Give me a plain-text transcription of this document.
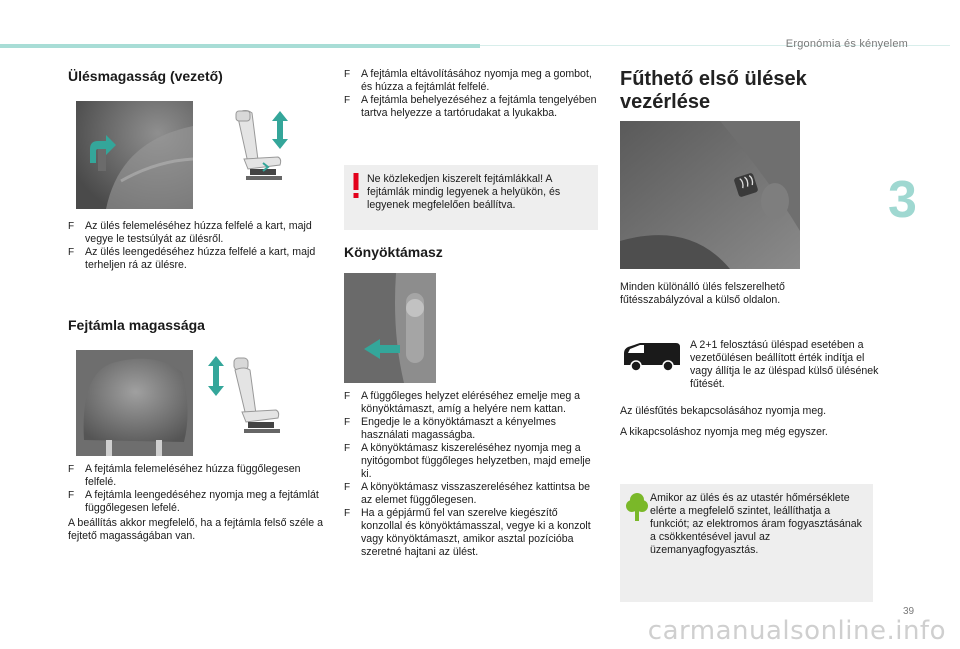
Ergonómia és kényelem
3
Ülésmagasság (vezető)
F Az ülés felemeléséhez húzza felfelé a kart, majd vegye le testsúlyát az ülésről.
F Az ülés leengedéséhez húzza felfelé a kart, majd terheljen rá az ülésre.
Fejtámla magassága
F A fejtámla felemeléséhez húzza függőlegesen felfelé.
F A fejtámla leengedéséhez nyomja meg a fejtámlát függőlegesen lefelé.
A beállítás akkor megfelelő, ha a fejtámla felső széle a fejtető magasságában van.
F A fejtámla eltávolításához nyomja meg a gombot, és húzza a fejtámlát felfelé.
F A fejtámla behelyezéséhez a fejtámla tengelyében tartva helyezze a tartórudakat a lyukakba.
Ne közlekedjen kiszerelt fejtámlákkal! A fejtámlák mindig legyenek a helyükön, és legyenek megfelelően beállítva.
Könyöktámasz
F A függőleges helyzet eléréséhez emelje meg a könyöktámaszt, amíg a helyére nem kattan.
F Engedje le a könyöktámaszt a kényelmes használati magasságba.
F A könyöktámasz kiszereléséhez nyomja meg a nyitógombot függőleges helyzetben, majd emelje ki.
F A könyöktámasz visszaszereléséhez kattintsa be az elemet függőlegesen.
F Ha a gépjármű fel van szerelve kiegészítő konzollal és könyöktámasszal, vegye ki a konzolt vagy könyöktámaszt, amikor asztal pozícióba szeretné hajtani az ülést.
Fűthető első ülések
vezérlése
Minden különálló ülés felszerelhető fűtésszabályzóval a külső oldalon.
A 2+1 felosztású üléspad esetében a vezetőülésen beállított érték indítja el vagy állítja le az üléspad külső ülésének fűtését.
Az ülésfűtés bekapcsolásához nyomja meg.
A kikapcsoláshoz nyomja meg még egyszer.
Amikor az ülés és az utastér hőmérséklete elérte a megfelelő szintet, leállíthatja a funkciót; az elektromos áram fogyasztásának a csökkentésével javul az üzemanyagfogyasztás.
39
carmanualsonline.info
